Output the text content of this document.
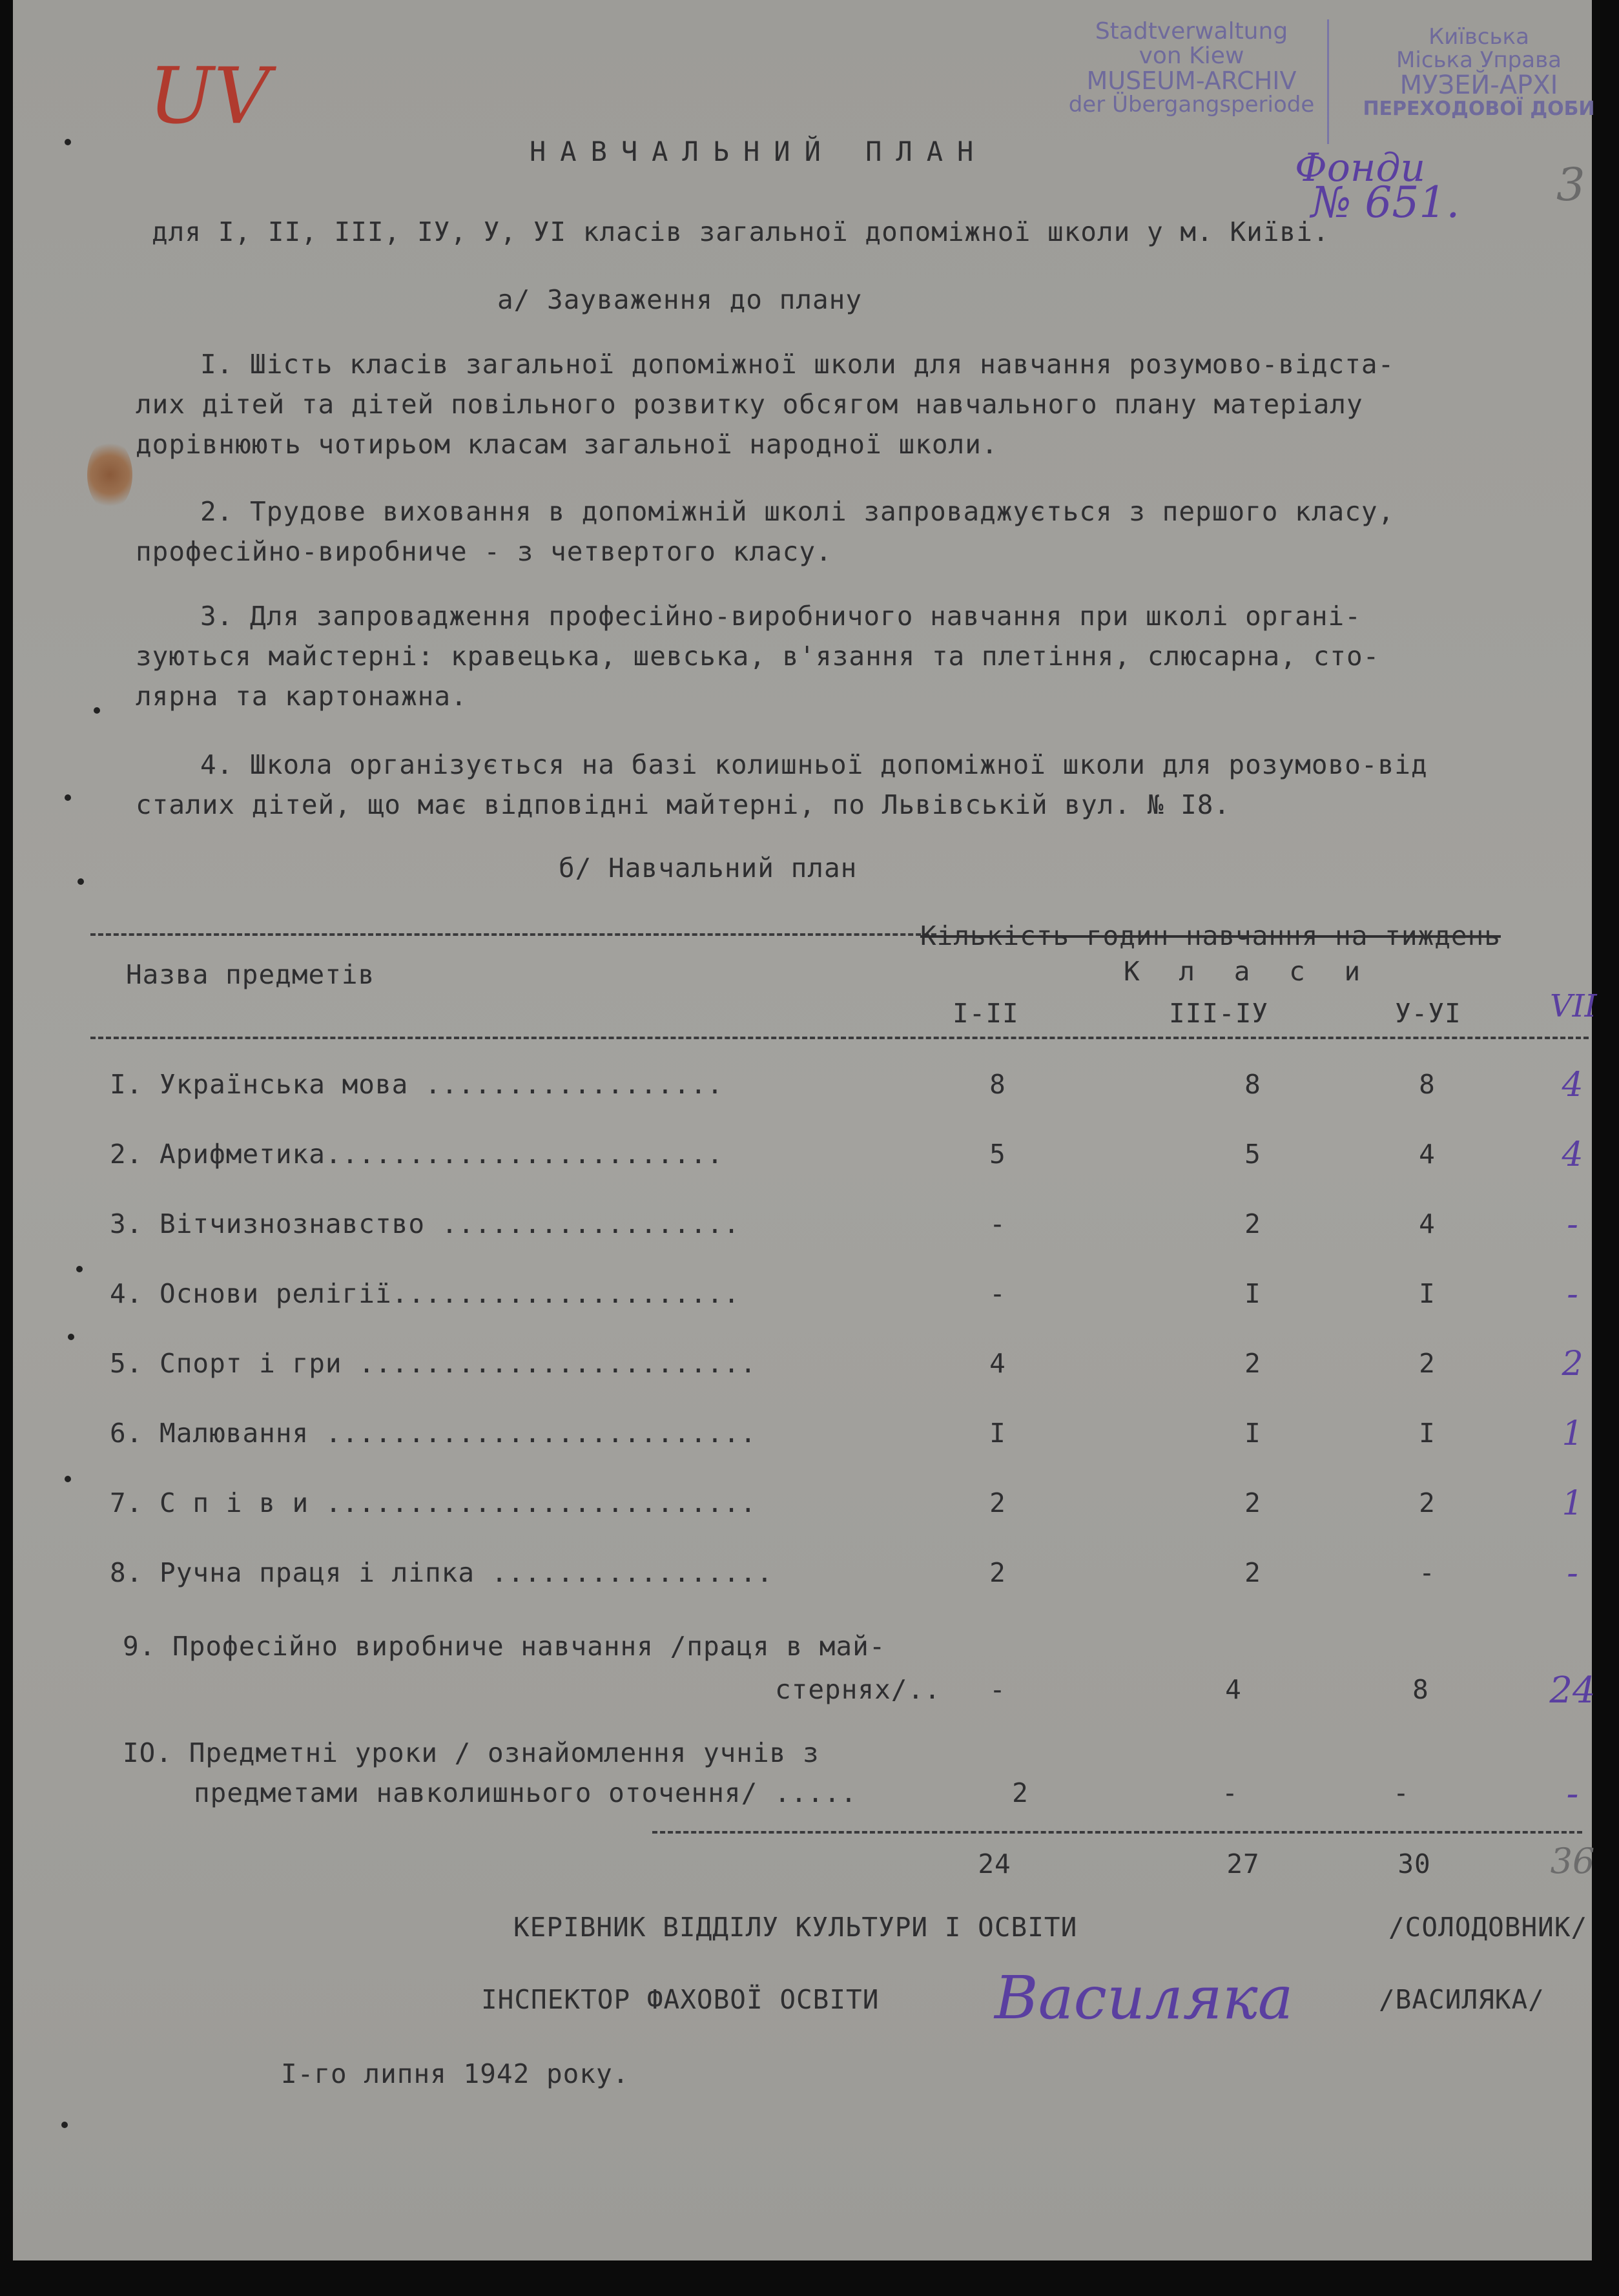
UV
Stadtverwaltung
von Kiew
MUSEUM-ARCHIV
der Übergangsperiode
Київська
Міська Управа
МУЗЕЙ-АРХІ
ПЕРЕХОДОВОЇ ДОБИ
Фонди
№ 651. 3
НАВЧАЛЬНИЙ ПЛАН
для I, II, III, IУ, У, УI класів загальної допоміжної школи у м. Київі.
а/ Зауваження до плану
I. Шість класів загальної допоміжної школи для навчання розумово-відста-
лих дітей та дітей повільного розвитку обсягом навчального плану матеріалу
дорівнюють чотирьом класам загальної народної школи.
2. Трудове виховання в допоміжній школі запроваджується з першого класу,
професійно-виробниче - з четвертого класу.
3. Для запровадження професійно-виробничого навчання при школі органі-
зуються майстерні: кравецька, шевська, в'язання та плетіння, слюсарна, сто-
лярна та картонажна.
4. Школа організується на базі колишньої допоміжної школи для розумово-від
сталих дітей, що має відповідні майтерні, по Львівській вул. № I8.
б/ Навчальний план
Кількість годин навчання на тиждень
К л а с и
Назва предметів
I-II	III-IУ	У-УI	VII
9. Професійно виробниче навчання /праця в май-
стернях/..	-	4	8	24
IO. Предметні уроки / ознайомлення учнів з
предметами навколишнього оточення/ .....	2	-	-	-
24	27	30	36
КЕРІВНИК ВІДДІЛУ КУЛЬТУРИ І ОСВІТИ	/СОЛОДОВНИК/
ІНСПЕКТОР ФАХОВОЇ ОСВІТИ Василяка	/ВАСИЛЯКА/
I-го липня 1942 року.
I. Українська мова ..................	8	8	8	4
2. Арифметика........................	5	5	4	4
3. Вітчизнознавство ..................	-	2	4	-
4. Основи релігії.....................	-	I	I	-
5. Спорт і гри ........................	4	2	2	2
6. Малювання ..........................	I	I	I	1
7. С п і в и ..........................	2	2	2	1
8. Ручна праця і ліпка .................	2	2	-	-
